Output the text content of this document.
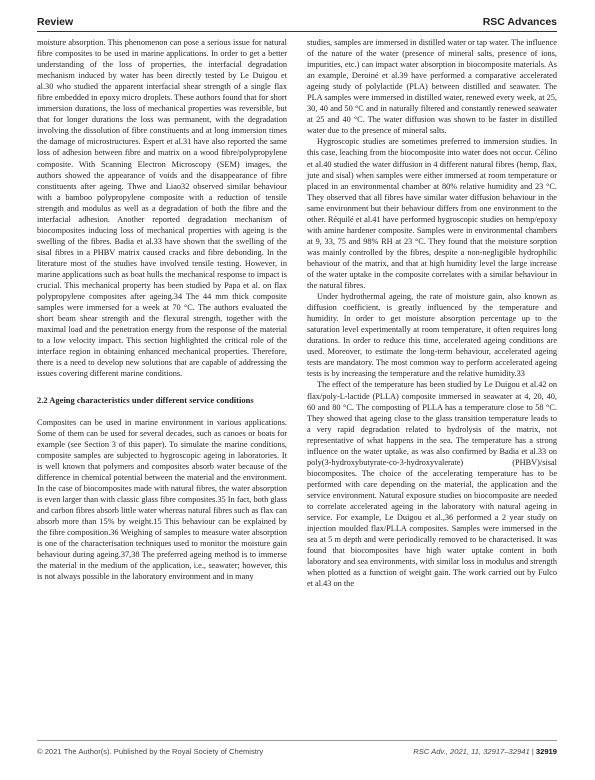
Review	RSC Advances

moisture absorption. This phenomenon can pose a serious issue for natural fibre composites to be used in marine applications. In order to get a better understanding of the loss of properties, the interfacial degradation mechanism induced by water has been directly tested by Le Duigou et al.30 who studied the apparent interfacial shear strength of a single flax fibre embedded in epoxy micro droplets. These authors found that for short immersion durations, the loss of mechanical properties was reversible, but that for longer durations the loss was permanent, with the degradation involving the dissolution of fibre constituents and at long immersion times the damage of microstructures. Espert et al.31 have also reported the same loss of adhesion between fibre and matrix on a wood fibre/polypropylene composite. With Scanning Electron Microscopy (SEM) images, the authors showed the appearance of voids and the disappearance of fibre constituents after ageing. Thwe and Liao32 observed similar behaviour with a bamboo polypropylene composite with a reduction of tensile strength and modulus as well as a degradation of both the fibre and the interfacial adhesion. Another reported degradation mechanism of biocomposites inducing loss of mechanical properties with ageing is the swelling of the fibres. Badia et al.33 have shown that the swelling of the sisal fibres in a PHBV matrix caused cracks and fibre debonding. In the literature most of the studies have involved tensile testing. However, in marine applications such as boat hulls the mechanical response to impact is crucial. This mechanical property has been studied by Papa et al. on flax polypropylene composites after ageing.34 The 44 mm thick composite samples were immersed for a week at 70 °C. The authors evaluated the short beam shear strength and the flexural strength, together with the maximal load and the penetration energy from the response of the material to a low velocity impact. This section highlighted the critical role of the interface region in obtaining enhanced mechanical properties. Therefore, there is a need to develop new solutions that are capable of addressing the issues covering different marine conditions.

2.2 Ageing characteristics under different service conditions

Composites can be used in marine environment in various applications. Some of them can be used for several decades, such as canoes or boats for example (see Section 3 of this paper). To simulate the marine conditions, composite samples are subjected to hygroscopic ageing in laboratories. It is well known that polymers and composites absorb water because of the difference in chemical potential between the material and the environment. In the case of biocomposites made with natural fibres, the water absorption is even larger than with classic glass fibre composites.35 In fact, both glass and carbon fibres absorb little water whereas natural fibres such as flax can absorb more than 15% by weight.15 This behaviour can be explained by the fibre composition.36 Weighing of samples to measure water absorption is one of the characterisation techniques used to monitor the moisture gain behaviour during ageing.37,38 The preferred ageing method is to immerse the material in the medium of the application, i.e., seawater; however, this is not always possible in the laboratory environment and in many

studies, samples are immersed in distilled water or tap water. The influence of the nature of the water (presence of mineral salts, presence of ions, impurities, etc.) can impact water absorption in biocomposite materials. As an example, Deroiné et al.39 have performed a comparative accelerated ageing study of polylactide (PLA) between distilled and seawater. The PLA samples were immersed in distilled water, renewed every week, at 25, 30, 40 and 50 °C and in naturally filtered and constantly renewed seawater at 25 and 40 °C. The water diffusion was shown to be faster in distilled water due to the presence of mineral salts.

Hygroscopic studies are sometimes preferred to immersion studies. In this case, leaching from the biocomposite into water does not occur. Célino et al.40 studied the water diffusion in 4 different natural fibres (hemp, flax, jute and sisal) when samples were either immersed at room temperature or placed in an environmental chamber at 80% relative humidity and 23 °C. They observed that all fibres have similar water diffusion behaviour in the same environment but their behaviour differs from one environment to the other. Réquilé et al.41 have performed hygroscopic studies on hemp/epoxy with amine hardener composite. Samples were in environmental chambers at 9, 33, 75 and 98% RH at 23 °C. They found that the moisture sorption was mainly controlled by the fibres, despite a non-negligible hydrophilic behaviour of the matrix, and that at high humidity level the large increase of the water uptake in the composite correlates with a similar behaviour in the natural fibres.

Under hydrothermal ageing, the rate of moisture gain, also known as diffusion coefficient, is greatly influenced by the temperature and humidity. In order to get moisture absorption percentage up to the saturation level experimentally at room temperature, it often requires long durations. In order to reduce this time, accelerated ageing conditions are used. Moreover, to estimate the long-term behaviour, accelerated ageing tests are mandatory. The most common way to perform accelerated ageing tests is by increasing the temperature and the relative humidity.33

The effect of the temperature has been studied by Le Duigou et al.42 on flax/poly-L-lactide (PLLA) composite immersed in seawater at 4, 20, 40, 60 and 80 °C. The composting of PLLA has a temperature close to 58 °C. They showed that ageing close to the glass transition temperature leads to a very rapid degradation related to hydrolysis of the matrix, not representative of what happens in the sea. The temperature has a strong influence on the water uptake, as was also confirmed by Badia et al.33 on poly(3-hydroxybutyrate-co-3-hydroxyvalerate) (PHBV)/sisal biocomposites. The choice of the accelerating temperature has to be performed with care depending on the material, the application and the service environment. Natural exposure studies on biocomposite are needed to correlate accelerated ageing in the laboratory with natural ageing in service. For example, Le Duigou et al.,36 performed a 2 year study on injection moulded flax/PLLA composites. Samples were immersed in the sea at 5 m depth and were periodically removed to be characterised. It was found that biocomposites have high water uptake content in both laboratory and sea environments, with similar loss in modulus and strength when plotted as a function of weight gain. The work carried out by Fulco et al.43 on the

© 2021 The Author(s). Published by the Royal Society of Chemistry	RSC Adv., 2021, 11, 32917–32941 | 32919
